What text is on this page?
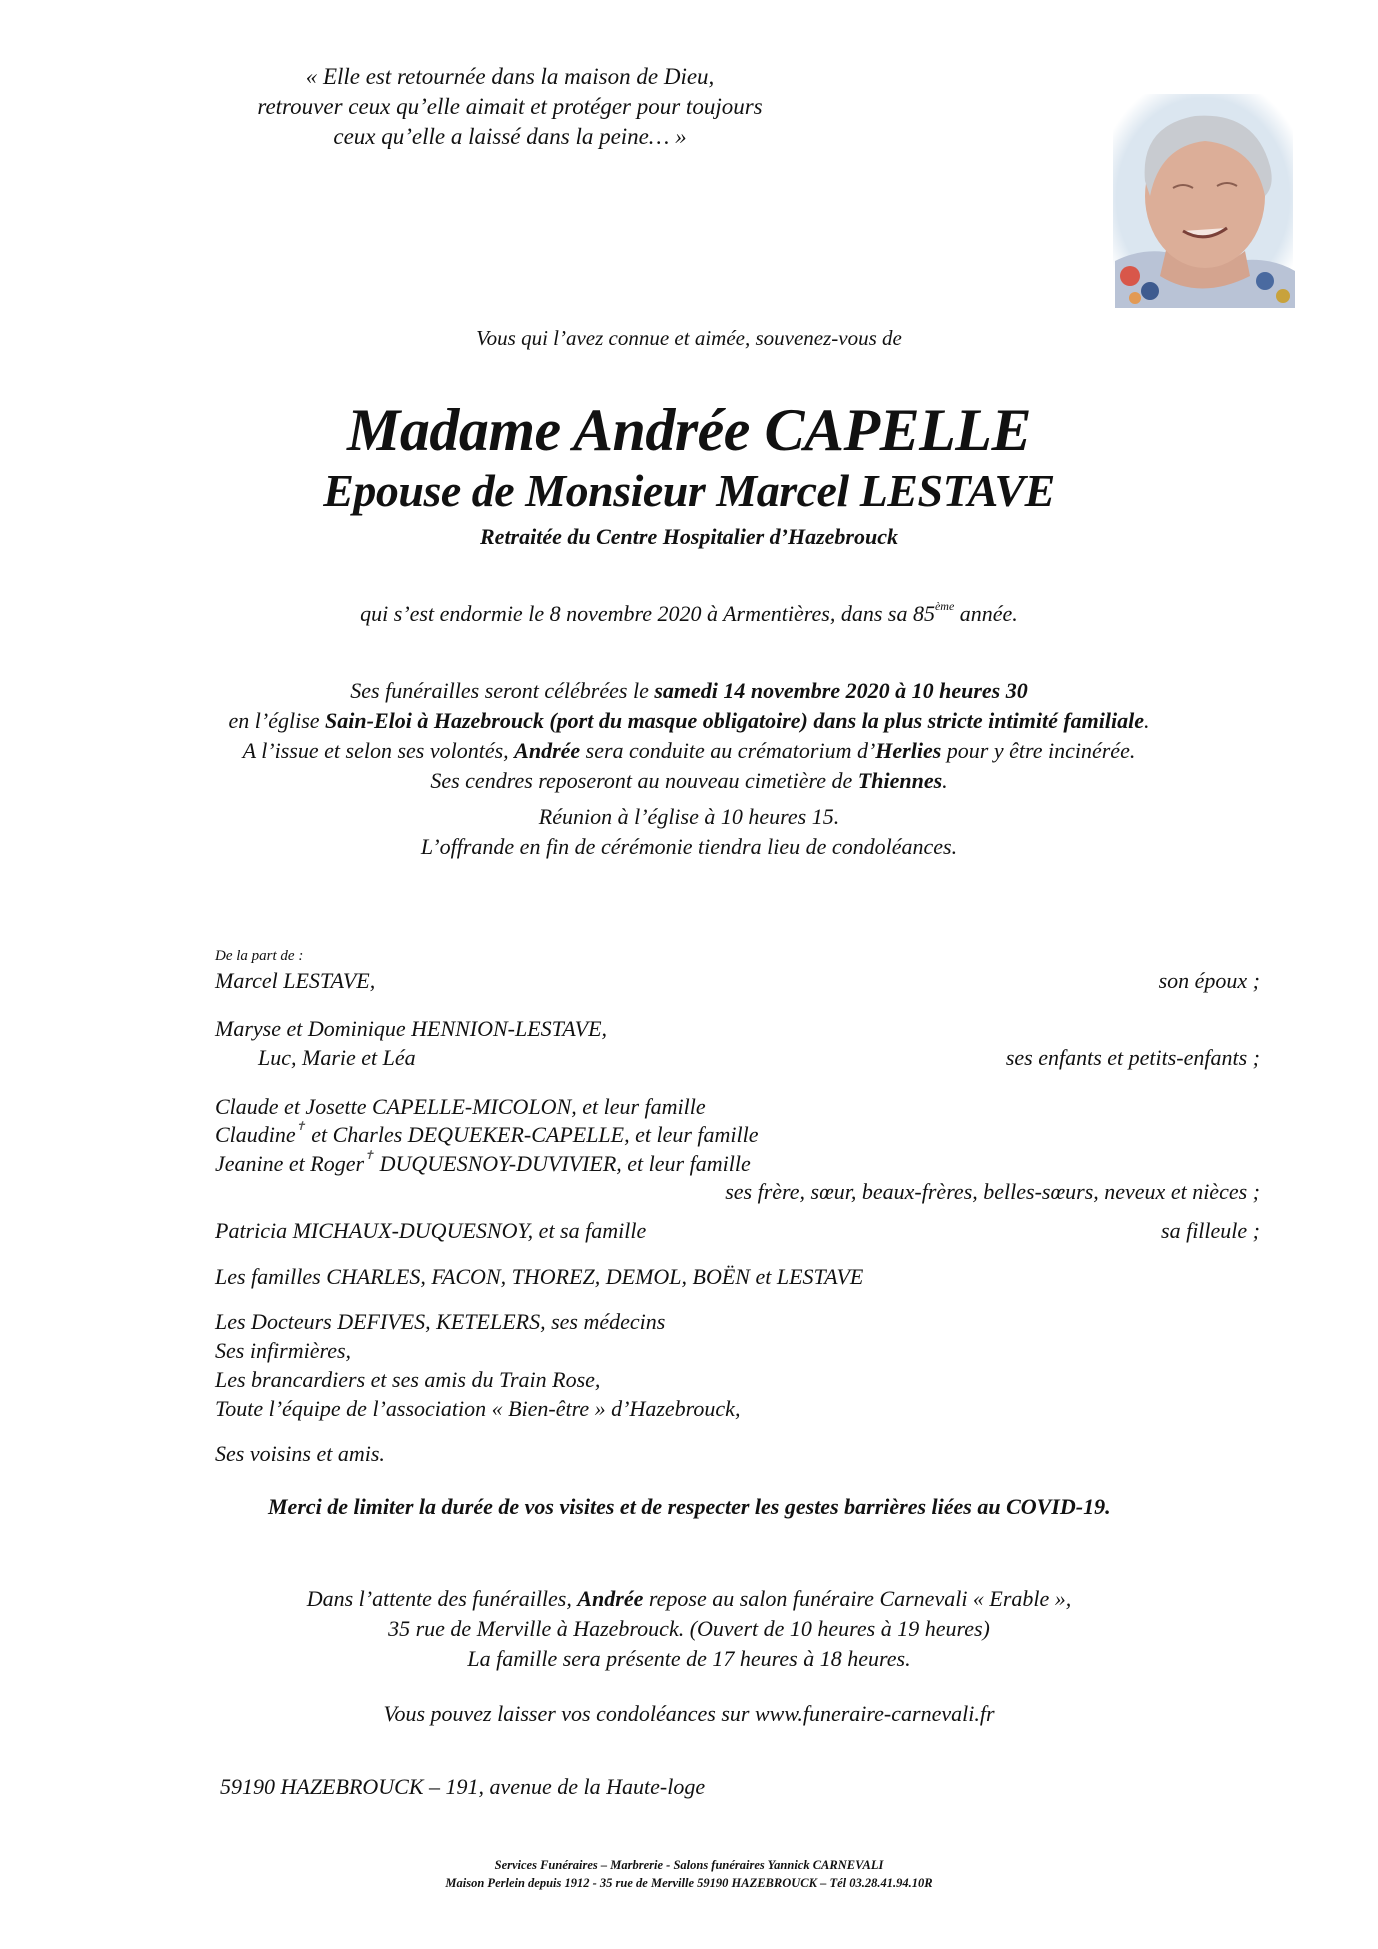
« Elle est retournée dans la maison de Dieu,
retrouver ceux qu’elle aimait et protéger pour toujours
ceux qu’elle a laissé dans la peine… »
Vous qui l’avez connue et aimée, souvenez-vous de
Madame Andrée CAPELLE
Epouse de Monsieur Marcel LESTAVE
Retraitée du Centre Hospitalier d’Hazebrouck
qui s’est endormie le 8 novembre 2020 à Armentières, dans sa 85ème année.
Ses funérailles seront célébrées le samedi 14 novembre 2020 à 10 heures 30
en l’église Sain-Eloi à Hazebrouck (port du masque obligatoire) dans la plus stricte intimité familiale.
A l’issue et selon ses volontés, Andrée sera conduite au crématorium d’Herlies pour y être incinérée.
Ses cendres reposeront au nouveau cimetière de Thiennes.
Réunion à l’église à 10 heures 15.
L’offrande en fin de cérémonie tiendra lieu de condoléances.
De la part de :
Marcel LESTAVE,	son époux ;
Maryse et Dominique HENNION-LESTAVE,
Luc, Marie et Léa	ses enfants et petits-enfants ;
Claude et Josette CAPELLE-MICOLON, et leur famille
Claudine✝ et Charles DEQUEKER-CAPELLE, et leur famille
Jeanine et Roger✝ DUQUESNOY-DUVIVIER, et leur famille
ses frère, sœur, beaux-frères, belles-sœurs, neveux et nièces ;
Patricia MICHAUX-DUQUESNOY, et sa famille	sa filleule ;
Les familles CHARLES, FACON, THOREZ, DEMOL, BOËN et LESTAVE
Les Docteurs DEFIVES, KETELERS, ses médecins
Ses infirmières,
Les brancardiers et ses amis du Train Rose,
Toute l’équipe de l’association « Bien-être » d’Hazebrouck,
Ses voisins et amis.
Merci de limiter la durée de vos visites et de respecter les gestes barrières liées au COVID-19.
Dans l’attente des funérailles, Andrée repose au salon funéraire Carnevali « Erable »,
35 rue de Merville à Hazebrouck. (Ouvert de 10 heures à 19 heures)
La famille sera présente de 17 heures à 18 heures.
Vous pouvez laisser vos condoléances sur www.funeraire-carnevali.fr
59190 HAZEBROUCK – 191, avenue de la Haute-loge
Services Funéraires – Marbrerie - Salons funéraires Yannick CARNEVALI
Maison Perlein depuis 1912 - 35 rue de Merville 59190 HAZEBROUCK – Tél 03.28.41.94.10R
